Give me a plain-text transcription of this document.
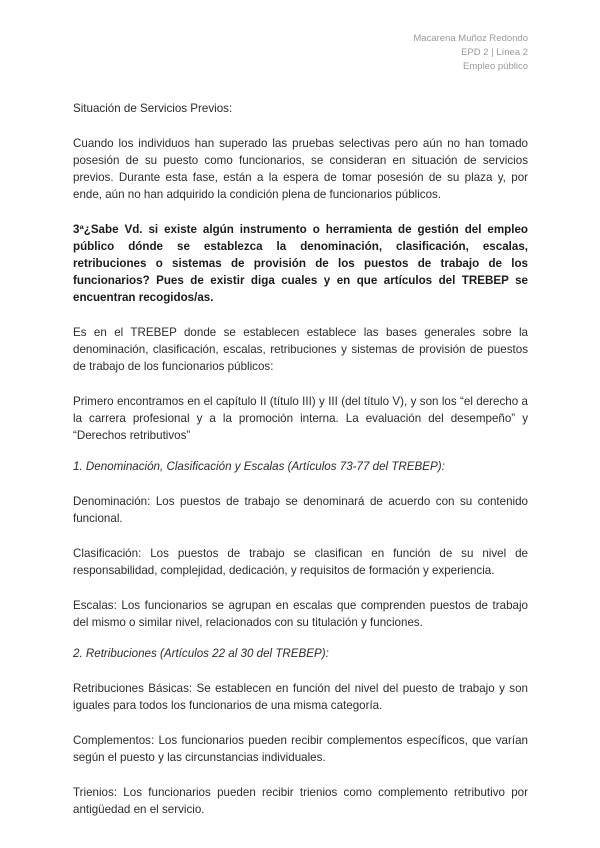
Macarena Muñoz Redondo
EPD 2 | Línea 2
Empleo público

Situación de Servicios Previos:

Cuando los individuos han superado las pruebas selectivas pero aún no han tomado posesión de su puesto como funcionarios, se consideran en situación de servicios previos. Durante esta fase, están a la espera de tomar posesión de su plaza y, por ende, aún no han adquirido la condición plena de funcionarios públicos.

3ª¿Sabe Vd. si existe algún instrumento o herramienta de gestión del empleo público dónde se establezca la denominación, clasificación, escalas, retribuciones o sistemas de provisión de los puestos de trabajo de los funcionarios? Pues de existir diga cuales y en que artículos del TREBEP se encuentran recogidos/as.

Es en el TREBEP donde se establecen establece las bases generales sobre la denominación, clasificación, escalas, retribuciones y sistemas de provisión de puestos de trabajo de los funcionarios públicos:

Primero encontramos en el capítulo II (título III) y III (del título V), y son los “el derecho a la carrera profesional y a la promoción interna. La evaluación del desempeño” y “Derechos retributivos”

1. Denominación, Clasificación y Escalas (Artículos 73-77 del TREBEP):

Denominación: Los puestos de trabajo se denominará de acuerdo con su contenido funcional.

Clasificación: Los puestos de trabajo se clasifican en función de su nivel de responsabilidad, complejidad, dedicación, y requisitos de formación y experiencia.

Escalas: Los funcionarios se agrupan en escalas que comprenden puestos de trabajo del mismo o similar nivel, relacionados con su titulación y funciones.

2. Retribuciones (Artículos 22 al 30 del TREBEP):

Retribuciones Básicas: Se establecen en función del nivel del puesto de trabajo y son iguales para todos los funcionarios de una misma categoría.

Complementos: Los funcionarios pueden recibir complementos específicos, que varían según el puesto y las circunstancias individuales.

Trienios: Los funcionarios pueden recibir trienios como complemento retributivo por antigüedad en el servicio.
